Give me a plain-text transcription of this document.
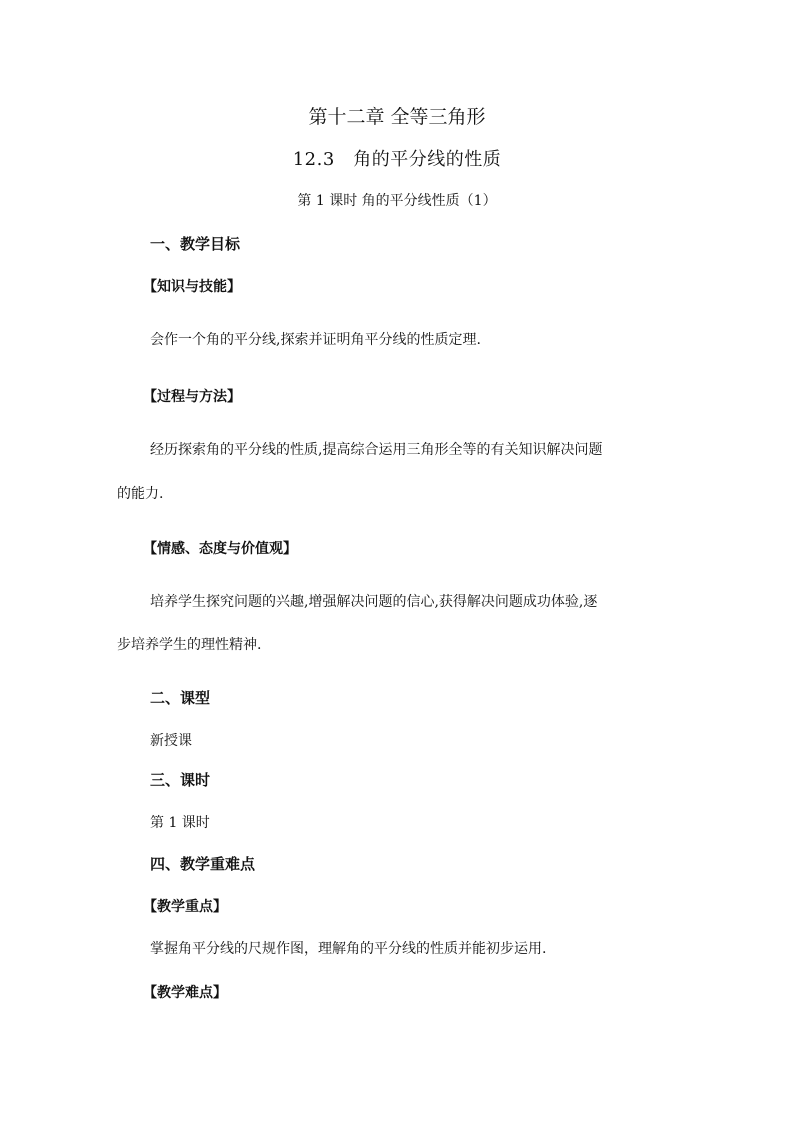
第十二章 全等三角形
12.3　角的平分线的性质
第 1 课时 角的平分线性质（1）
一、教学目标
【知识与技能】
会作一个角的平分线,探索并证明角平分线的性质定理.
【过程与方法】
经历探索角的平分线的性质,提高综合运用三角形全等的有关知识解决问题
的能力.
【情感、态度与价值观】
培养学生探究问题的兴趣,增强解决问题的信心,获得解决问题成功体验,逐
步培养学生的理性精神.
二、课型
新授课
三、课时
第 1 课时
四、教学重难点
【教学重点】
掌握角平分线的尺规作图，理解角的平分线的性质并能初步运用.
【教学难点】
